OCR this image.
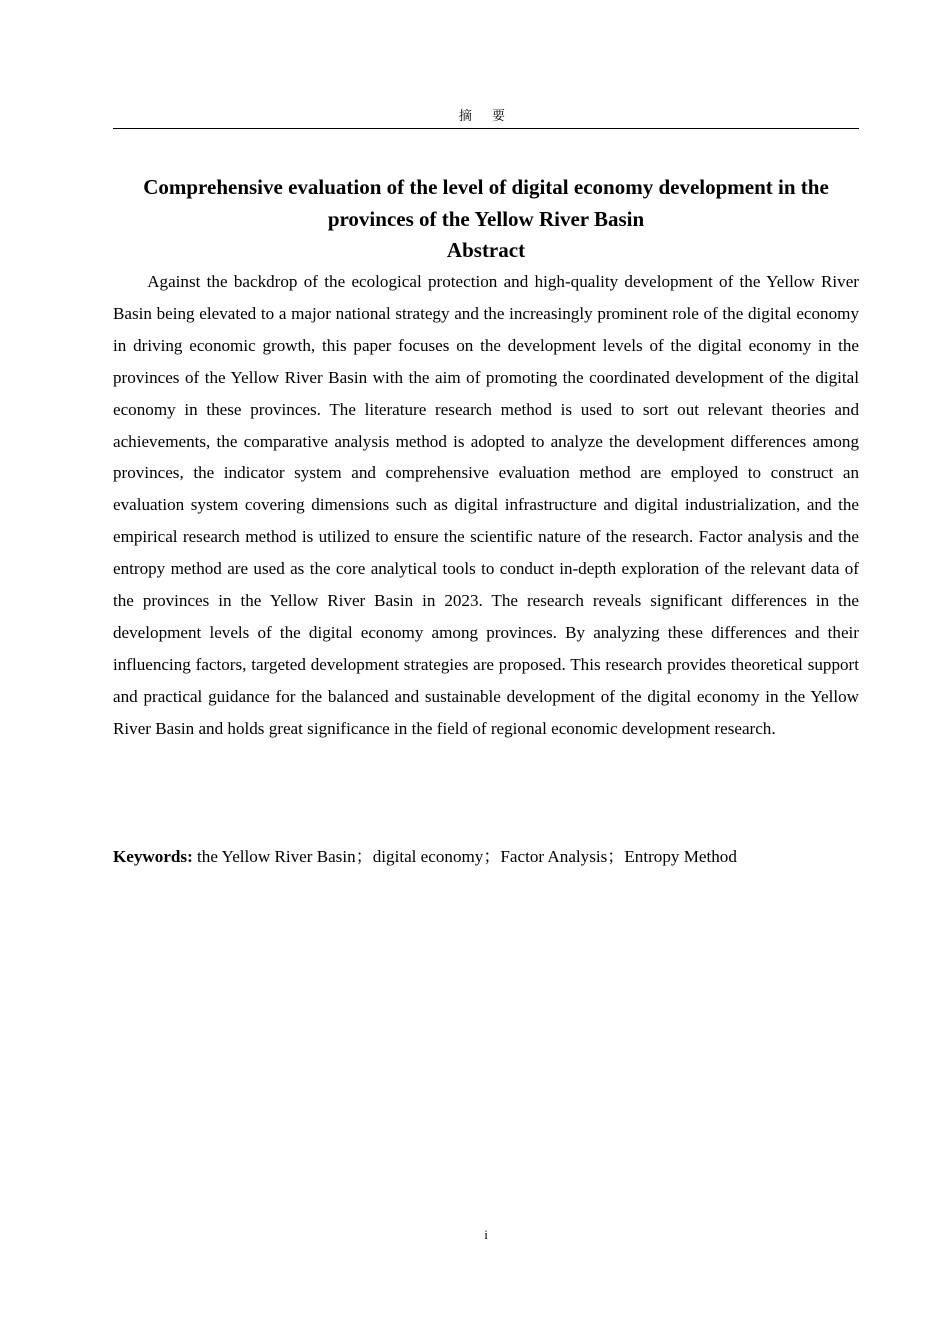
摘 要
Comprehensive evaluation of the level of digital economy development in the provinces of the Yellow River Basin
Abstract

Against the backdrop of the ecological protection and high-quality development of the Yellow River Basin being elevated to a major national strategy and the increasingly prominent role of the digital economy in driving economic growth, this paper focuses on the development levels of the digital economy in the provinces of the Yellow River Basin with the aim of promoting the coordinated development of the digital economy in these provinces. The literature research method is used to sort out relevant theories and achievements, the comparative analysis method is adopted to analyze the development differences among provinces, the indicator system and comprehensive evaluation method are employed to construct an evaluation system covering dimensions such as digital infrastructure and digital industrialization, and the empirical research method is utilized to ensure the scientific nature of the research. Factor analysis and the entropy method are used as the core analytical tools to conduct in-depth exploration of the relevant data of the provinces in the Yellow River Basin in 2023. The research reveals significant differences in the development levels of the digital economy among provinces. By analyzing these differences and their influencing factors, targeted development strategies are proposed. This research provides theoretical support and practical guidance for the balanced and sustainable development of the digital economy in the Yellow River Basin and holds great significance in the field of regional economic development research.

Keywords: the Yellow River Basin；digital economy；Factor Analysis；Entropy Method
i
